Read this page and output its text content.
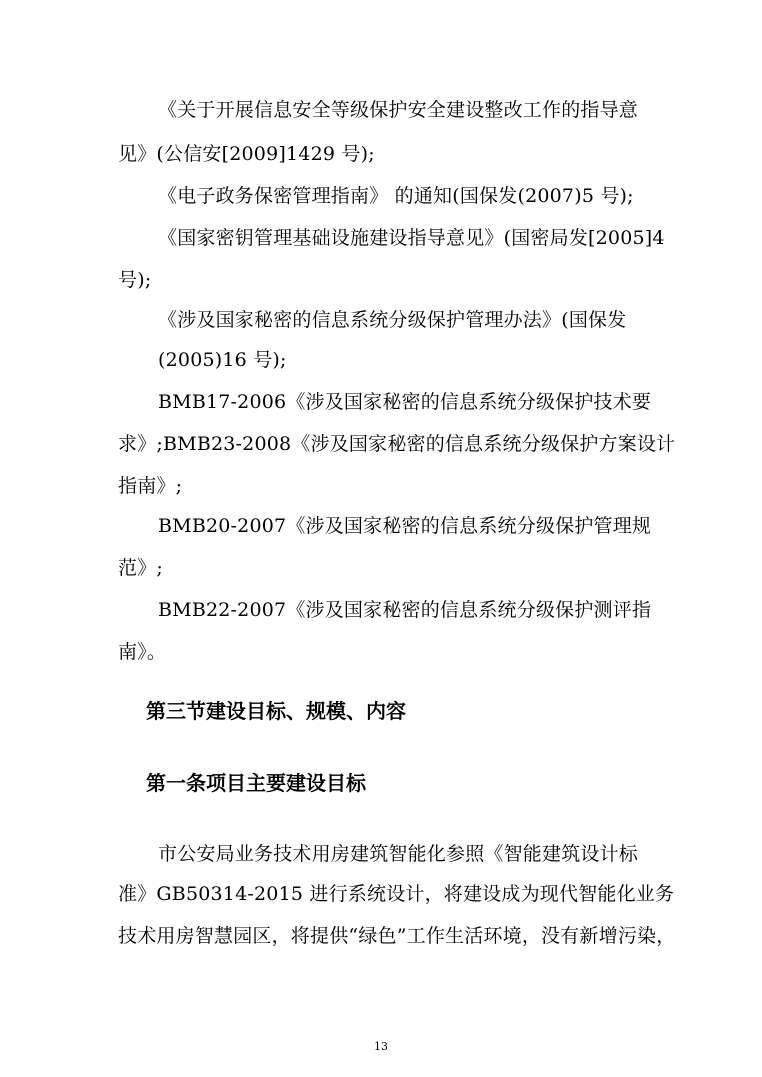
《关于开展信息安全等级保护安全建设整改工作的指导意
见》(公信安[2009]1429 号);
《电子政务保密管理指南》 的通知(国保发(2007)5 号);
《国家密钥管理基础设施建设指导意见》(国密局发[2005]4
号);
《涉及国家秘密的信息系统分级保护管理办法》(国保发
(2005)16 号);
BMB17-2006《涉及国家秘密的信息系统分级保护技术要
求》;BMB23-2008《涉及国家秘密的信息系统分级保护方案设计
指南》;
BMB20-2007《涉及国家秘密的信息系统分级保护管理规
范》;
BMB22-2007《涉及国家秘密的信息系统分级保护测评指
南》。
第三节建设目标、规模、内容
第一条项目主要建设目标
市公安局业务技术用房建筑智能化参照《智能建筑设计标
准》GB50314-2015 进行系统设计，将建设成为现代智能化业务
技术用房智慧园区，将提供“绿色”工作生活环境，没有新增污染，
13
